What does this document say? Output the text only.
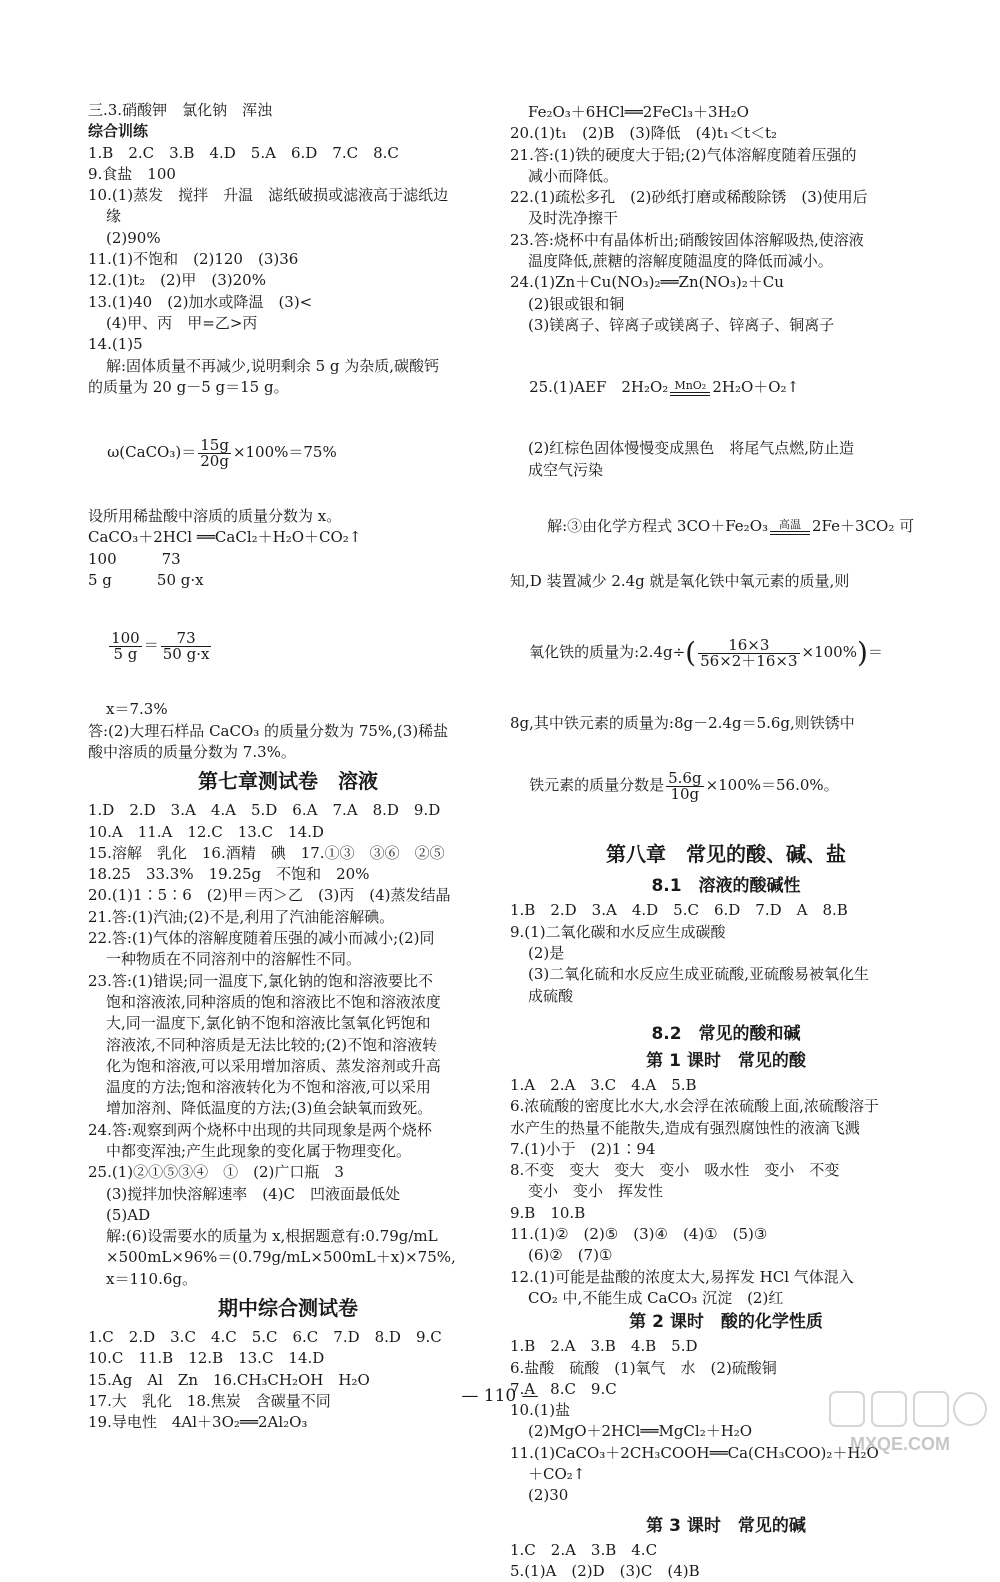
三.3.硝酸钾　氯化钠　浑浊
综合训练
1.B　2.C　3.B　4.D　5.A　6.D　7.C　8.C
9.食盐　100
10.(1)蒸发　搅拌　升温　滤纸破损或滤液高于滤纸边
缘
(2)90%
11.(1)不饱和　(2)120　(3)36
12.(1)t₂　(2)甲　(3)20%
13.(1)40　(2)加水或降温　(3)<
(4)甲、丙　甲=乙>丙
14.(1)5
解:固体质量不再减少,说明剩余 5 g 为杂质,碳酸钙
的质量为 20 g－5 g＝15 g。

ω(CaCO₃)＝ $\frac{15g}{20g} \times 100\%=75\%$

设所用稀盐酸中溶质的质量分数为 x。
CaCO₃＋2HCl ══CaCl₂＋H₂O＋CO₂↑
100　　　73
5 g　　　50 g·x

$\frac{100}{5 g} = \frac{73}{50 g\cdot x}$

x＝7.3%
答:(2)大理石样品 CaCO₃ 的质量分数为 75%,(3)稀盐
酸中溶质的质量分数为 7.3%。
第七章测试卷　溶液
1.D　2.D　3.A　4.A　5.D　6.A　7.A　8.D　9.D
10.A　11.A　12.C　13.C　14.D
15.溶解　乳化　16.酒精　碘　17.①③　③⑥　②⑤
18.25　33.3%　19.25g　不饱和　20%
20.(1)1∶5∶6　(2)甲＝丙＞乙　(3)丙　(4)蒸发结晶
21.答:(1)汽油;(2)不是,利用了汽油能溶解碘。
22.答:(1)气体的溶解度随着压强的减小而减小;(2)同
一种物质在不同溶剂中的溶解性不同。
23.答:(1)错误;同一温度下,氯化钠的饱和溶液要比不
饱和溶液浓,同种溶质的饱和溶液比不饱和溶液浓度
大,同一温度下,氯化钠不饱和溶液比氢氧化钙饱和
溶液浓,不同种溶质是无法比较的;(2)不饱和溶液转
化为饱和溶液,可以采用增加溶质、蒸发溶剂或升高
温度的方法;饱和溶液转化为不饱和溶液,可以采用
增加溶剂、降低温度的方法;(3)鱼会缺氧而致死。
24.答:观察到两个烧杯中出现的共同现象是两个烧杯
中都变浑浊;产生此现象的变化属于物理变化。
25.(1)②①⑤③④　①　(2)广口瓶　3
(3)搅拌加快溶解速率　(4)C　凹液面最低处
(5)AD
解:(6)设需要水的质量为 x,根据题意有:0.79g/mL
×500mL×96%＝(0.79g/mL×500mL＋x)×75%,
x＝110.6g。
期中综合测试卷
1.C　2.D　3.C　4.C　5.C　6.C　7.D　8.D　9.C
10.C　11.B　12.B　13.C　14.D
15.Ag　Al　Zn　16.CH₃CH₂OH　H₂O
17.大　乳化　18.焦炭　含碳量不同
19.导电性　4Al＋3O₂══2Al₂O₃
Fe₂O₃＋6HCl══2FeCl₃＋3H₂O
20.(1)t₁　(2)B　(3)降低　(4)t₁＜t＜t₂
21.答:(1)铁的硬度大于铝;(2)气体溶解度随着压强的
减小而降低。
22.(1)疏松多孔　(2)砂纸打磨或稀酸除锈　(3)使用后
及时洗净擦干
23.答:烧杯中有晶体析出;硝酸铵固体溶解吸热,使溶液
温度降低,蔗糖的溶解度随温度的降低而减小。
24.(1)Zn＋Cu(NO₃)₂══Zn(NO₃)₂＋Cu
(2)银或银和铜
(3)镁离子、锌离子或镁离子、锌离子、铜离子

25.(1)AEF　2H₂O₂ MnO₂ 2H₂O＋O₂↑

(2)红棕色固体慢慢变成黑色　将尾气点燃,防止造
成空气污染

解:③由化学方程式 3CO＋Fe₂O₃	高温 2Fe＋3CO₂ 可

知,D 装置减少 2.4g 就是氧化铁中氧元素的质量,则

氧化铁的质量为:2.4g÷( $\frac{16\times 3}{56\times 2+16\times 3} \times 100\%)=$

8g,其中铁元素的质量为:8g－2.4g＝5.6g,则铁锈中

铁元素的质量分数是 $\frac{5.6g}{10g} \times 100\%=56.0\%$。

第八章　常见的酸、碱、盐
8.1　溶液的酸碱性
1.B　2.D　3.A　4.D　5.C　6.D　7.D　A　8.B
9.(1)二氧化碳和水反应生成碳酸
(2)是
(3)二氧化硫和水反应生成亚硫酸,亚硫酸易被氧化生
成硫酸
8.2　常见的酸和碱
第 1 课时　常见的酸
1.A　2.A　3.C　4.A　5.B
6.浓硫酸的密度比水大,水会浮在浓硫酸上面,浓硫酸溶于
水产生的热量不能散失,造成有强烈腐蚀性的液滴飞溅
7.(1)小于　(2)1∶94
8.不变　变大　变大　变小　吸水性　变小　不变
变小　变小　挥发性
9.B　10.B
11.(1)②　(2)⑤　(3)④　(4)①　(5)③
(6)②　(7)①
12.(1)可能是盐酸的浓度太大,易挥发 HCl 气体混入
CO₂ 中,不能生成 CaCO₃ 沉淀　(2)红
第 2 课时　酸的化学性质
1.B　2.A　3.B　4.B　5.D
6.盐酸　硫酸　(1)氧气　水　(2)硫酸铜
7.A　8.C　9.C
10.(1)盐
(2)MgO＋2HCl══MgCl₂＋H₂O
11.(1)CaCO₃＋2CH₃COOH══Ca(CH₃COO)₂＋H₂O
＋CO₂↑
(2)30
第 3 课时　常见的碱
1.C　2.A　3.B　4.C
5.(1)A　(2)D　(3)C　(4)B
— 110 —
MXQE.COM
